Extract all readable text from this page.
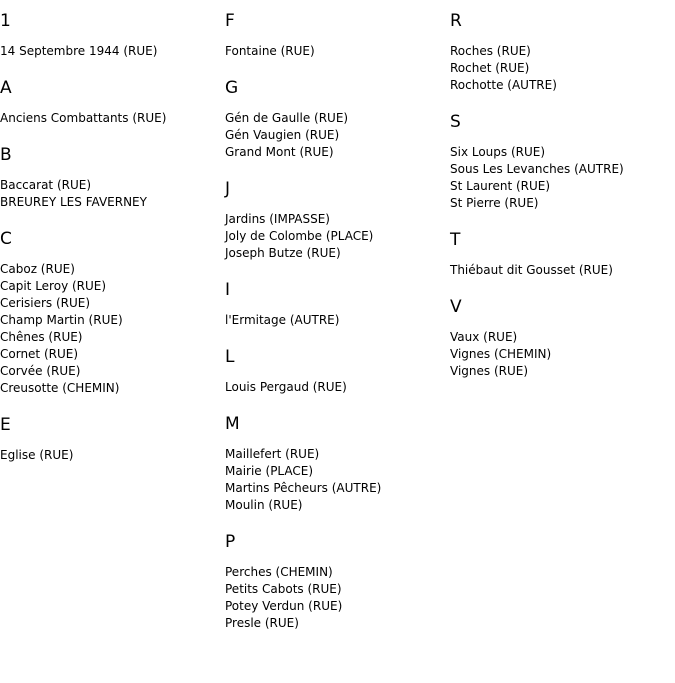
1
14 Septembre 1944 (RUE)
A
Anciens Combattants (RUE)
B
Baccarat (RUE)
BREUREY LES FAVERNEY
C
Caboz (RUE)
Capit Leroy (RUE)
Cerisiers (RUE)
Champ Martin (RUE)
Chênes (RUE)
Cornet (RUE)
Corvée (RUE)
Creusotte (CHEMIN)
E
Eglise (RUE)
F
Fontaine (RUE)
G
Gén de Gaulle (RUE)
Gén Vaugien (RUE)
Grand Mont (RUE)
J
Jardins (IMPASSE)
Joly de Colombe (PLACE)
Joseph Butze (RUE)
I
l'Ermitage (AUTRE)
L
Louis Pergaud (RUE)
M
Maillefert (RUE)
Mairie (PLACE)
Martins Pêcheurs (AUTRE)
Moulin (RUE)
P
Perches (CHEMIN)
Petits Cabots (RUE)
Potey Verdun (RUE)
Presle (RUE)
R
Roches (RUE)
Rochet (RUE)
Rochotte (AUTRE)
S
Six Loups (RUE)
Sous Les Levanches (AUTRE)
St Laurent (RUE)
St Pierre (RUE)
T
Thiébaut dit Gousset (RUE)
V
Vaux (RUE)
Vignes (CHEMIN)
Vignes (RUE)
